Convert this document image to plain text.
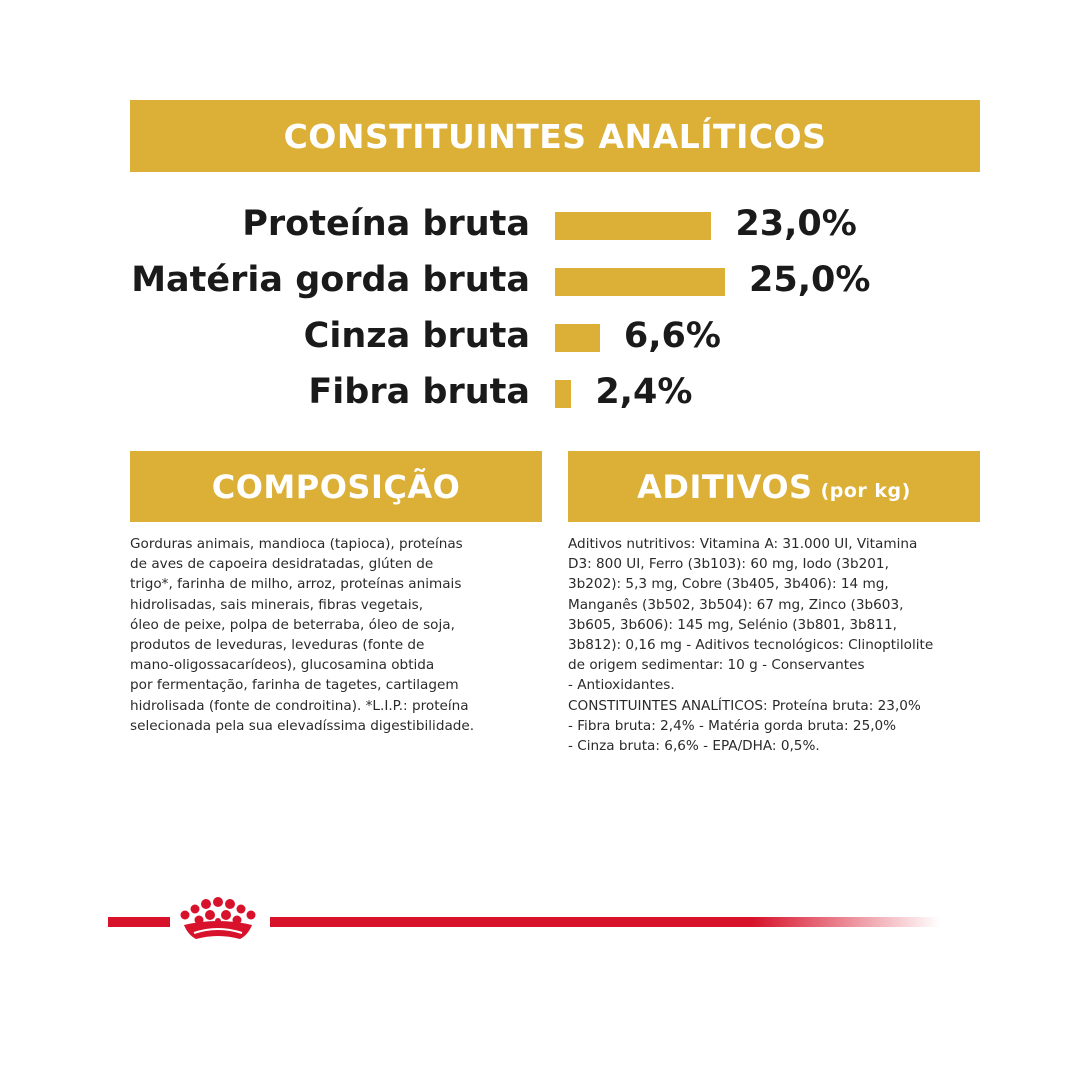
CONSTITUINTES ANALÍTICOS
Proteína bruta	23,0%
Matéria gorda bruta	25,0%
Cinza bruta	6,6%
Fibra bruta 2,4%
COMPOSIÇÃO	ADITIVOS (por kg)
Gorduras animais, mandioca (tapioca), proteínas
de aves de capoeira desidratadas, glúten de
trigo*, farinha de milho, arroz, proteínas animais
hidrolisadas, sais minerais, fibras vegetais,
óleo de peixe, polpa de beterraba, óleo de soja,
produtos de leveduras, leveduras (fonte de
mano-oligossacarídeos), glucosamina obtida
por fermentação, farinha de tagetes, cartilagem
hidrolisada (fonte de condroitina). *L.I.P.: proteína
selecionada pela sua elevadíssima digestibilidade.
Aditivos nutritivos: Vitamina A: 31.000 UI, Vitamina
D3: 800 UI, Ferro (3b103): 60 mg, Iodo (3b201,
3b202): 5,3 mg, Cobre (3b405, 3b406): 14 mg,
Manganês (3b502, 3b504): 67 mg, Zinco (3b603,
3b605, 3b606): 145 mg, Selénio (3b801, 3b811,
3b812): 0,16 mg - Aditivos tecnológicos: Clinoptilolite
de origem sedimentar: 10 g - Conservantes
- Antioxidantes.
CONSTITUINTES ANALÍTICOS: Proteína bruta: 23,0%
- Fibra bruta: 2,4% - Matéria gorda bruta: 25,0%
- Cinza bruta: 6,6% - EPA/DHA: 0,5%.
